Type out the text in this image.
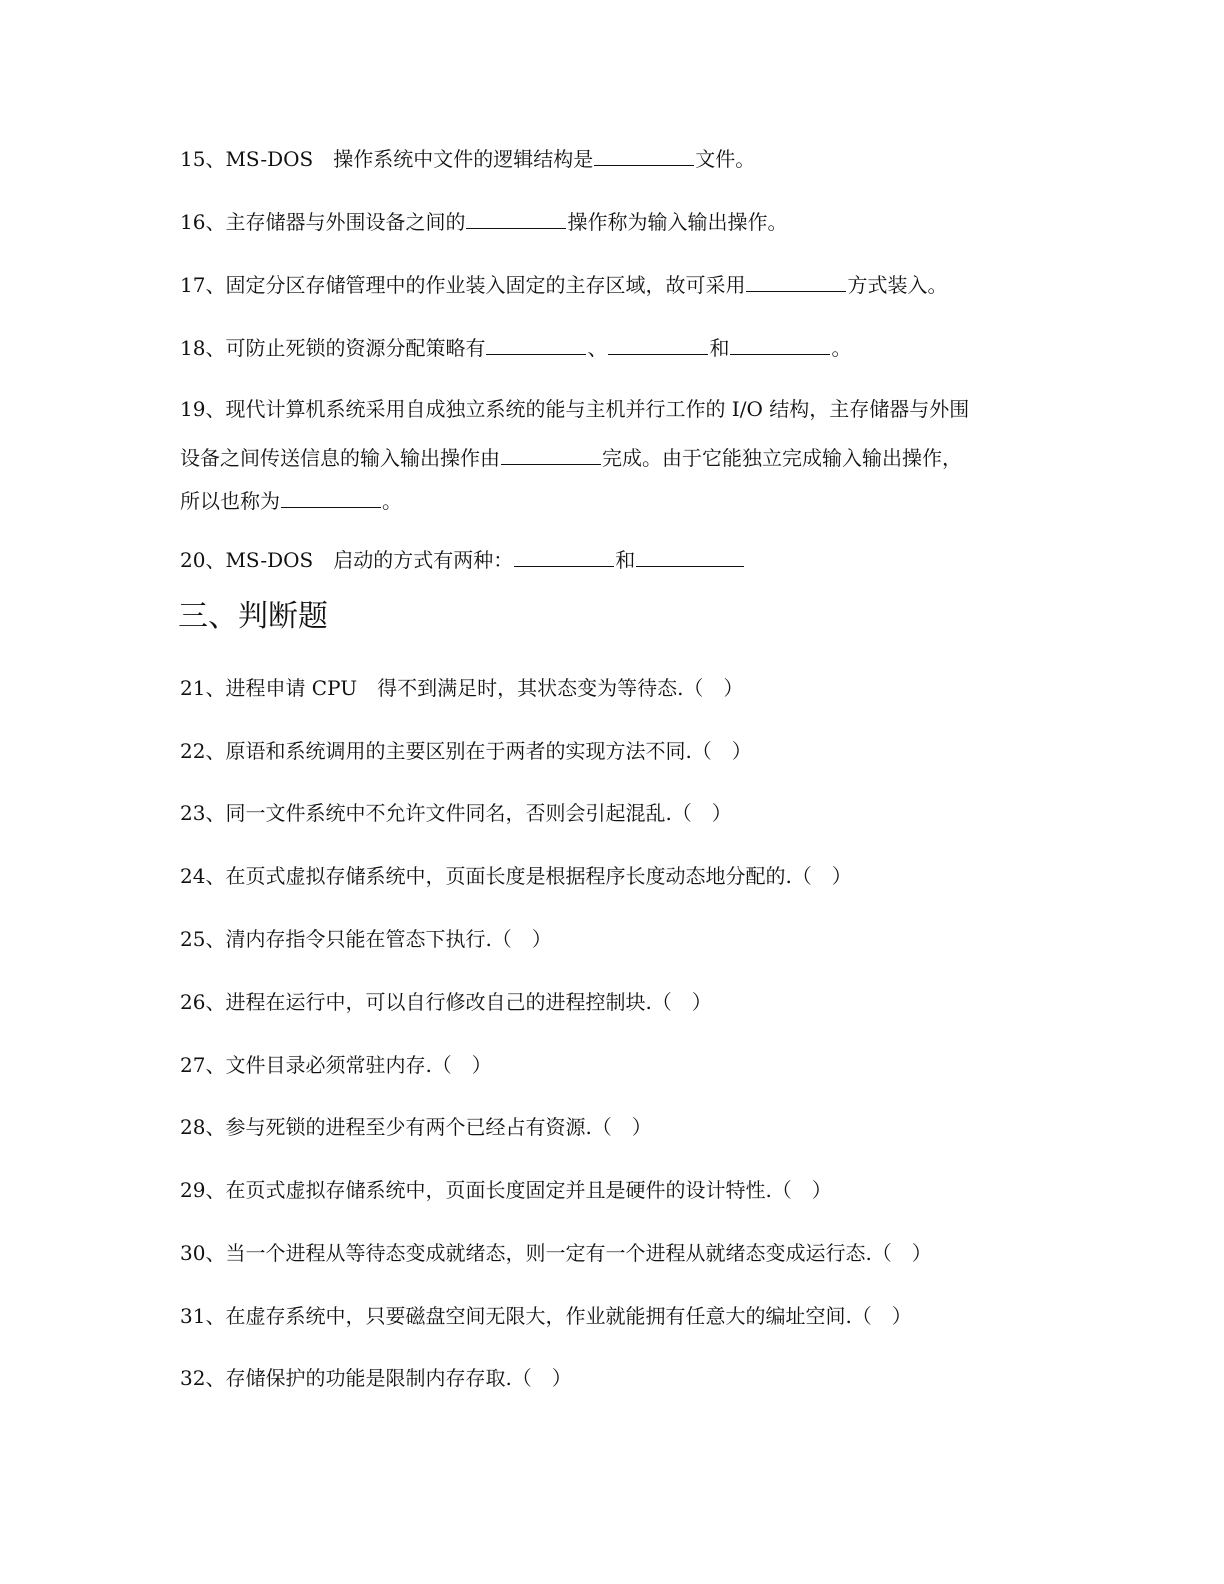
15、MS-DOS　操作系统中文件的逻辑结构是	文件。
16、主存储器与外围设备之间的	操作称为输入输出操作。
17、固定分区存储管理中的作业装入固定的主存区域，故可采用	方式装入。
18、可防止死锁的资源分配策略有	、	和	。
19、现代计算机系统采用自成独立系统的能与主机并行工作的 I/O 结构，主存储器与外围
设备之间传送信息的输入输出操作由	完成。由于它能独立完成输入输出操作，
所以也称为	。
20、MS-DOS　启动的方式有两种：	和
三、判断题
21、进程申请 CPU　得不到满足时，其状态变为等待态.（　）
22、原语和系统调用的主要区别在于两者的实现方法不同.（　）
23、同一文件系统中不允许文件同名，否则会引起混乱.（　）
24、在页式虚拟存储系统中，页面长度是根据程序长度动态地分配的.（　）
25、清内存指令只能在管态下执行.（　）
26、进程在运行中，可以自行修改自己的进程控制块.（　）
27、文件目录必须常驻内存.（　）
28、参与死锁的进程至少有两个已经占有资源.（　）
29、在页式虚拟存储系统中，页面长度固定并且是硬件的设计特性.（　）
30、当一个进程从等待态变成就绪态，则一定有一个进程从就绪态变成运行态.（　）
31、在虚存系统中，只要磁盘空间无限大，作业就能拥有任意大的编址空间.（　）
32、存储保护的功能是限制内存存取.（　）
